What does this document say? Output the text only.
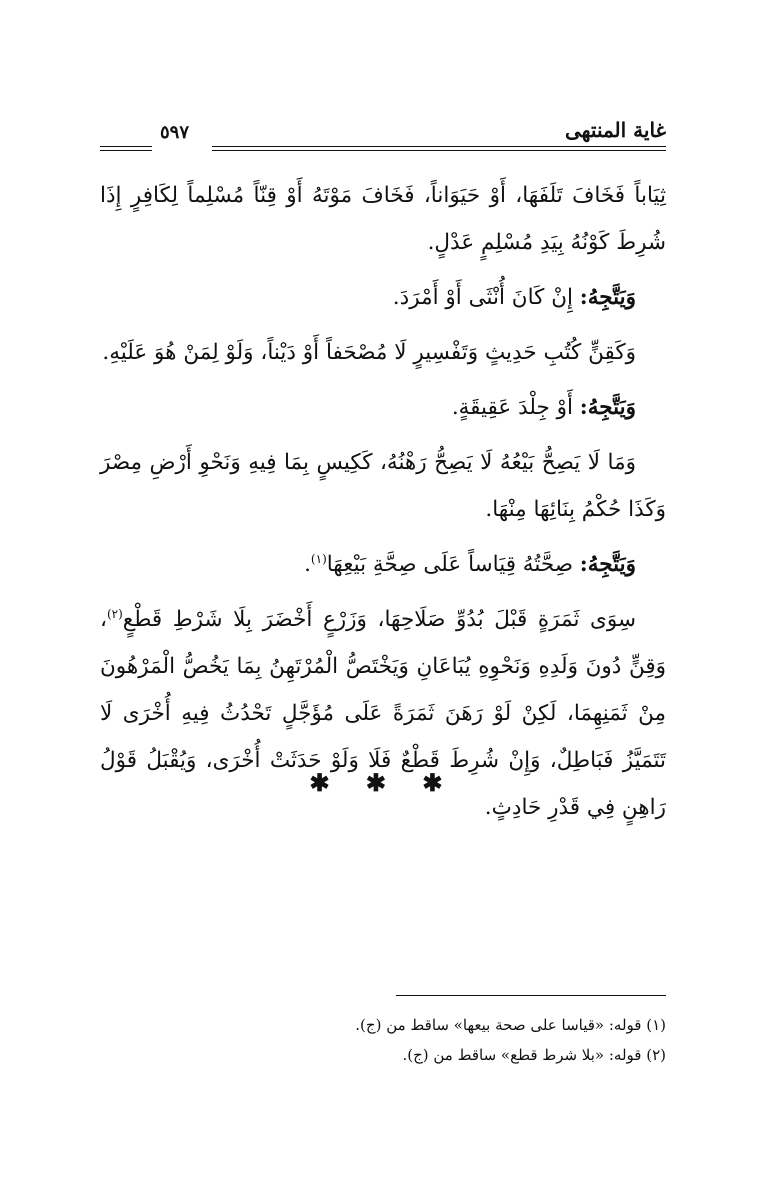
غاية المنتهى
٥٩٧

ثِيَاباً فَخَافَ تَلَفَهَا، أَوْ حَيَوَاناً، فَخَافَ مَوْتَهُ أَوْ قِنّاً مُسْلِماً لِكَافِرٍ إِذَا شُرِطَ كَوْنُهُ بِيَدِ مُسْلِمٍ عَدْلٍ.

وَيَتَّجِهُ: إِنْ كَانَ أُنْثَى أَوْ أَمْرَدَ.

وَكَقِنٍّ كُتُبِ حَدِيثٍ وَتَفْسِيرٍ لَا مُصْحَفاً أَوْ دَيْناً، وَلَوْ لِمَنْ هُوَ عَلَيْهِ.

وَيَتَّجِهُ: أَوْ جِلْدَ عَقِيقَةٍ.

وَمَا لَا يَصِحُّ بَيْعُهُ لَا يَصِحُّ رَهْنُهُ، كَكِيسٍ بِمَا فِيهِ وَنَحْوِ أَرْضِ مِصْرَ وَكَذَا حُكْمُ بِنَائِهَا مِنْهَا.

وَيَتَّجِهُ: صِحَّتُهُ قِيَاساً عَلَى صِحَّةِ بَيْعِهَا$^{(١)}$.

سِوَى ثَمَرَةٍ قَبْلَ بُدُوِّ صَلَاحِهَا، وَزَرْعٍ أَخْضَرَ بِلَا شَرْطِ قَطْعٍ$^{(٢)}$، وَقِنٍّ دُونَ وَلَدِهِ وَنَحْوِهِ يُبَاعَانِ وَيَخْتَصُّ الْمُرْتَهِنُ بِمَا يَخُصُّ الْمَرْهُونَ مِنْ ثَمَنِهِمَا، لَكِنْ لَوْ رَهَنَ ثَمَرَةً عَلَى مُؤَجَّلٍ تَحْدُثُ فِيهِ أُخْرَى لَا تَتَمَيَّزُ فَبَاطِلٌ، وَإِنْ شُرِطَ قَطْعٌ فَلَا وَلَوْ حَدَثَتْ أُخْرَى، وَيُقْبَلُ قَوْلُ رَاهِنٍ فِي قَدْرِ حَادِثٍ.

✱ ✱ ✱

(١) قوله: «قياسا على صحة بيعها» ساقط من (ج).

(٢) قوله: «بلا شرط قطع» ساقط من (ج).
